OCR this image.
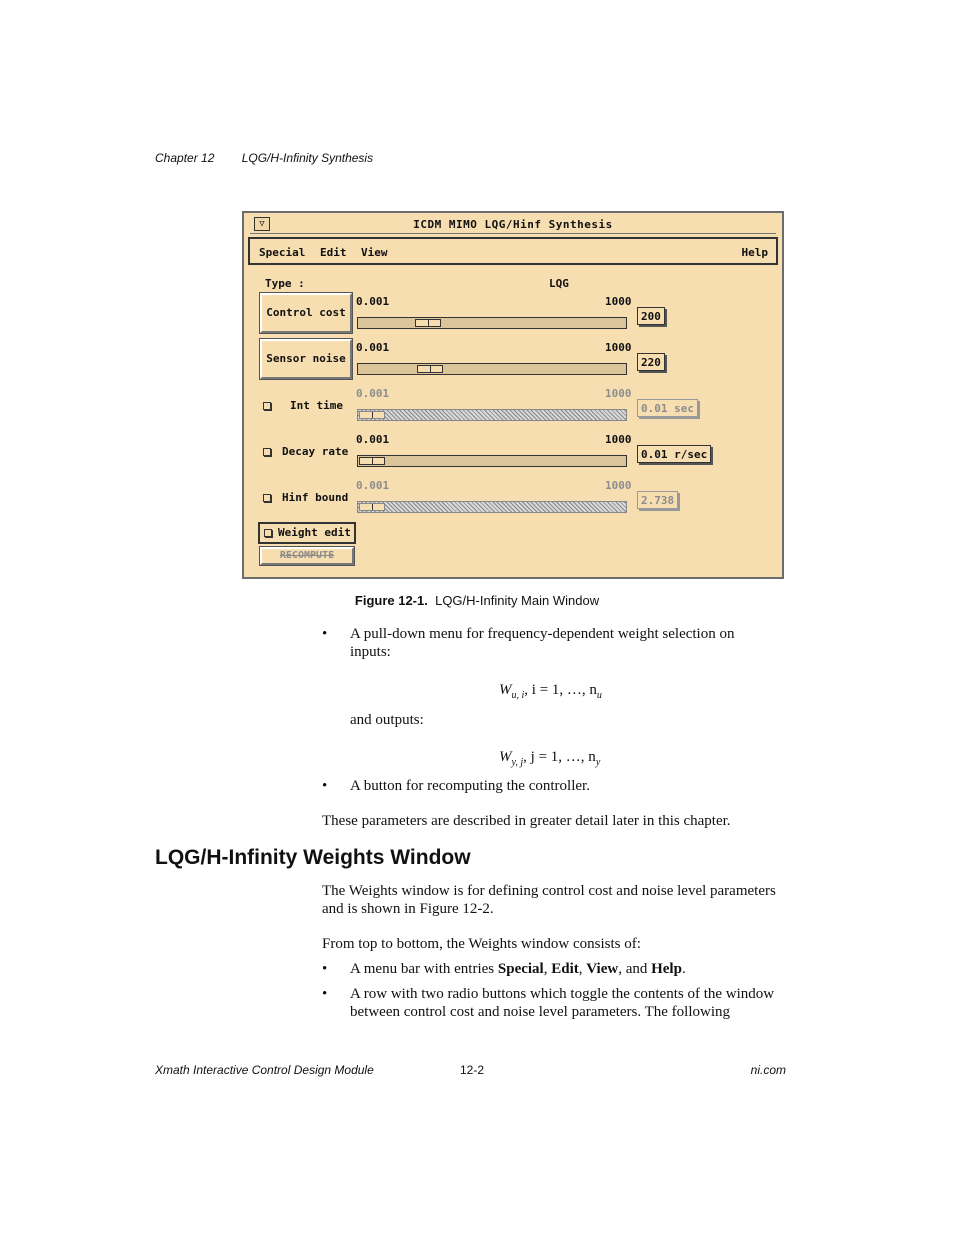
Chapter 12 LQG/H-Infinity Synthesis
▽	ICDM MIMO LQG/Hinf Synthesis
Special Edit View	Help
Type :	LQG
Control cost
0.001	1000
200
Sensor noise
0.001	1000
220
Int time
0.001	1000
0.01 sec
Decay rate
0.001	1000
0.01 r/sec
Hinf bound
0.001	1000
2.738
Weight edit
RECOMPUTE
Figure 12-1. LQG/H-Infinity Main Window
• A pull-down menu for frequency-dependent weight selection on inputs:
$W_{u, i}$, i = 1, …, $n_u$
and outputs:
$W_{y, j}$, j = 1, …, $n_y$
• A button for recomputing the controller.
These parameters are described in greater detail later in this chapter.
LQG/H-Infinity Weights Window
The Weights window is for defining control cost and noise level parameters and is shown in Figure 12-2.
From top to bottom, the Weights window consists of:
• A menu bar with entries Special, Edit, View, and Help.
• A row with two radio buttons which toggle the contents of the window between control cost and noise level parameters. The following
Xmath Interactive Control Design Module	12-2	ni.com
